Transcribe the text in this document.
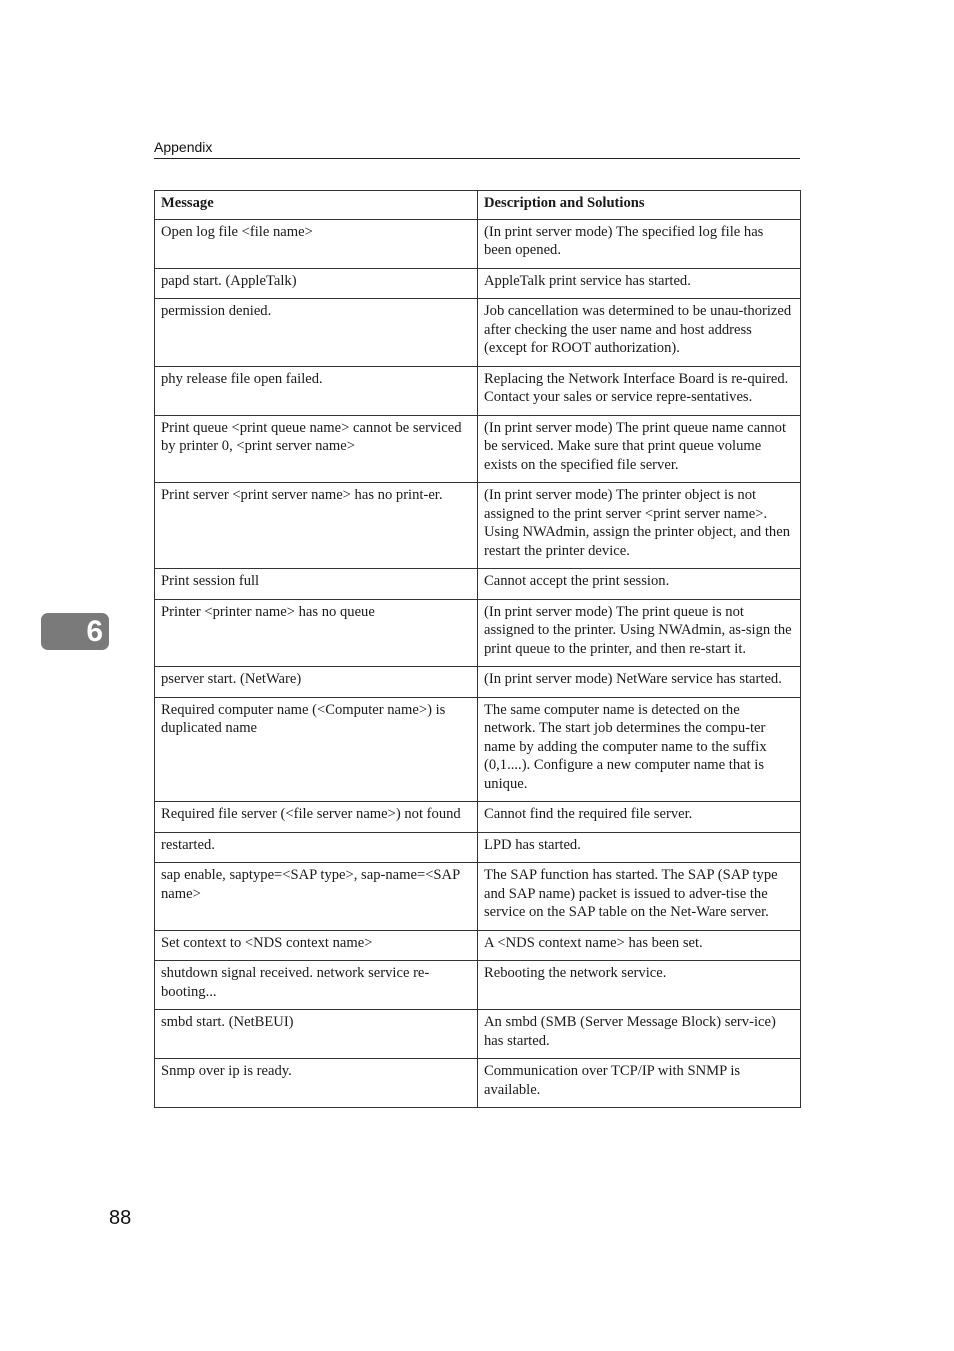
Appendix
6
Message	Description and Solutions
Open log file <file name>	(In print server mode) The specified log file has been opened.
papd start. (AppleTalk)	AppleTalk print service has started.
permission denied.	Job cancellation was determined to be unau-thorized after checking the user name and host address (except for ROOT authorization).
phy release file open failed.	Replacing the Network Interface Board is re-quired. Contact your sales or service repre-sentatives.
Print queue <print queue name> cannot be serviced by printer 0, <print server name>	(In print server mode) The print queue name cannot be serviced. Make sure that print queue volume exists on the specified file server.
Print server <print server name> has no print-er.	(In print server mode) The printer object is not assigned to the print server <print server name>. Using NWAdmin, assign the printer object, and then restart the printer device.
Print session full	Cannot accept the print session.
Printer <printer name> has no queue	(In print server mode) The print queue is not assigned to the printer. Using NWAdmin, as-sign the print queue to the printer, and then re-start it.
pserver start. (NetWare)	(In print server mode) NetWare service has started.
Required computer name (<Computer name>) is duplicated name	The same computer name is detected on the network. The start job determines the compu-ter name by adding the computer name to the suffix (0,1....). Configure a new computer name that is unique.
Required file server (<file server name>) not found	Cannot find the required file server.
restarted.	LPD has started.
sap enable, saptype=<SAP type>, sap-name=<SAP name>	The SAP function has started. The SAP (SAP type and SAP name) packet is issued to adver-tise the service on the SAP table on the Net-Ware server.
Set context to <NDS context name>	A <NDS context name> has been set.
shutdown signal received. network service re-booting...	Rebooting the network service.
smbd start. (NetBEUI)	An smbd (SMB (Server Message Block) serv-ice) has started.
Snmp over ip is ready.	Communication over TCP/IP with SNMP is available.
88
